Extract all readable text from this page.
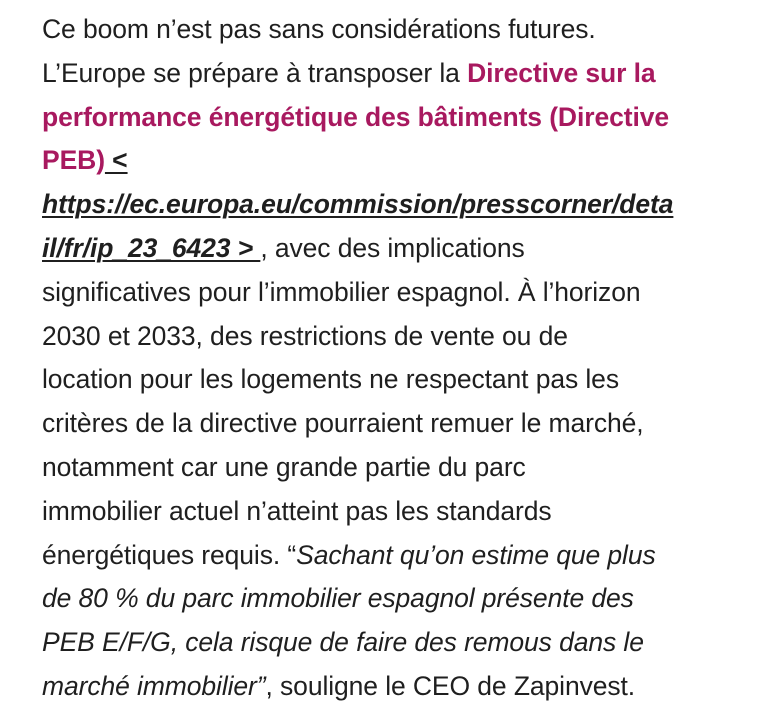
Ce boom n’est pas sans considérations futures.
L’Europe se prépare à transposer la Directive sur la
performance énergétique des bâtiments (Directive
PEB) <
https://ec.europa.eu/commission/presscorner/deta
il/fr/ip_23_6423 > , avec des implications
significatives pour l’immobilier espagnol. À l’horizon
2030 et 2033, des restrictions de vente ou de
location pour les logements ne respectant pas les
critères de la directive pourraient remuer le marché,
notamment car une grande partie du parc
immobilier actuel n’atteint pas les standards
énergétiques requis. “Sachant qu’on estime que plus
de 80 % du parc immobilier espagnol présente des
PEB E/F/G, cela risque de faire des remous dans le
marché immobilier”, souligne le CEO de Zapinvest.
